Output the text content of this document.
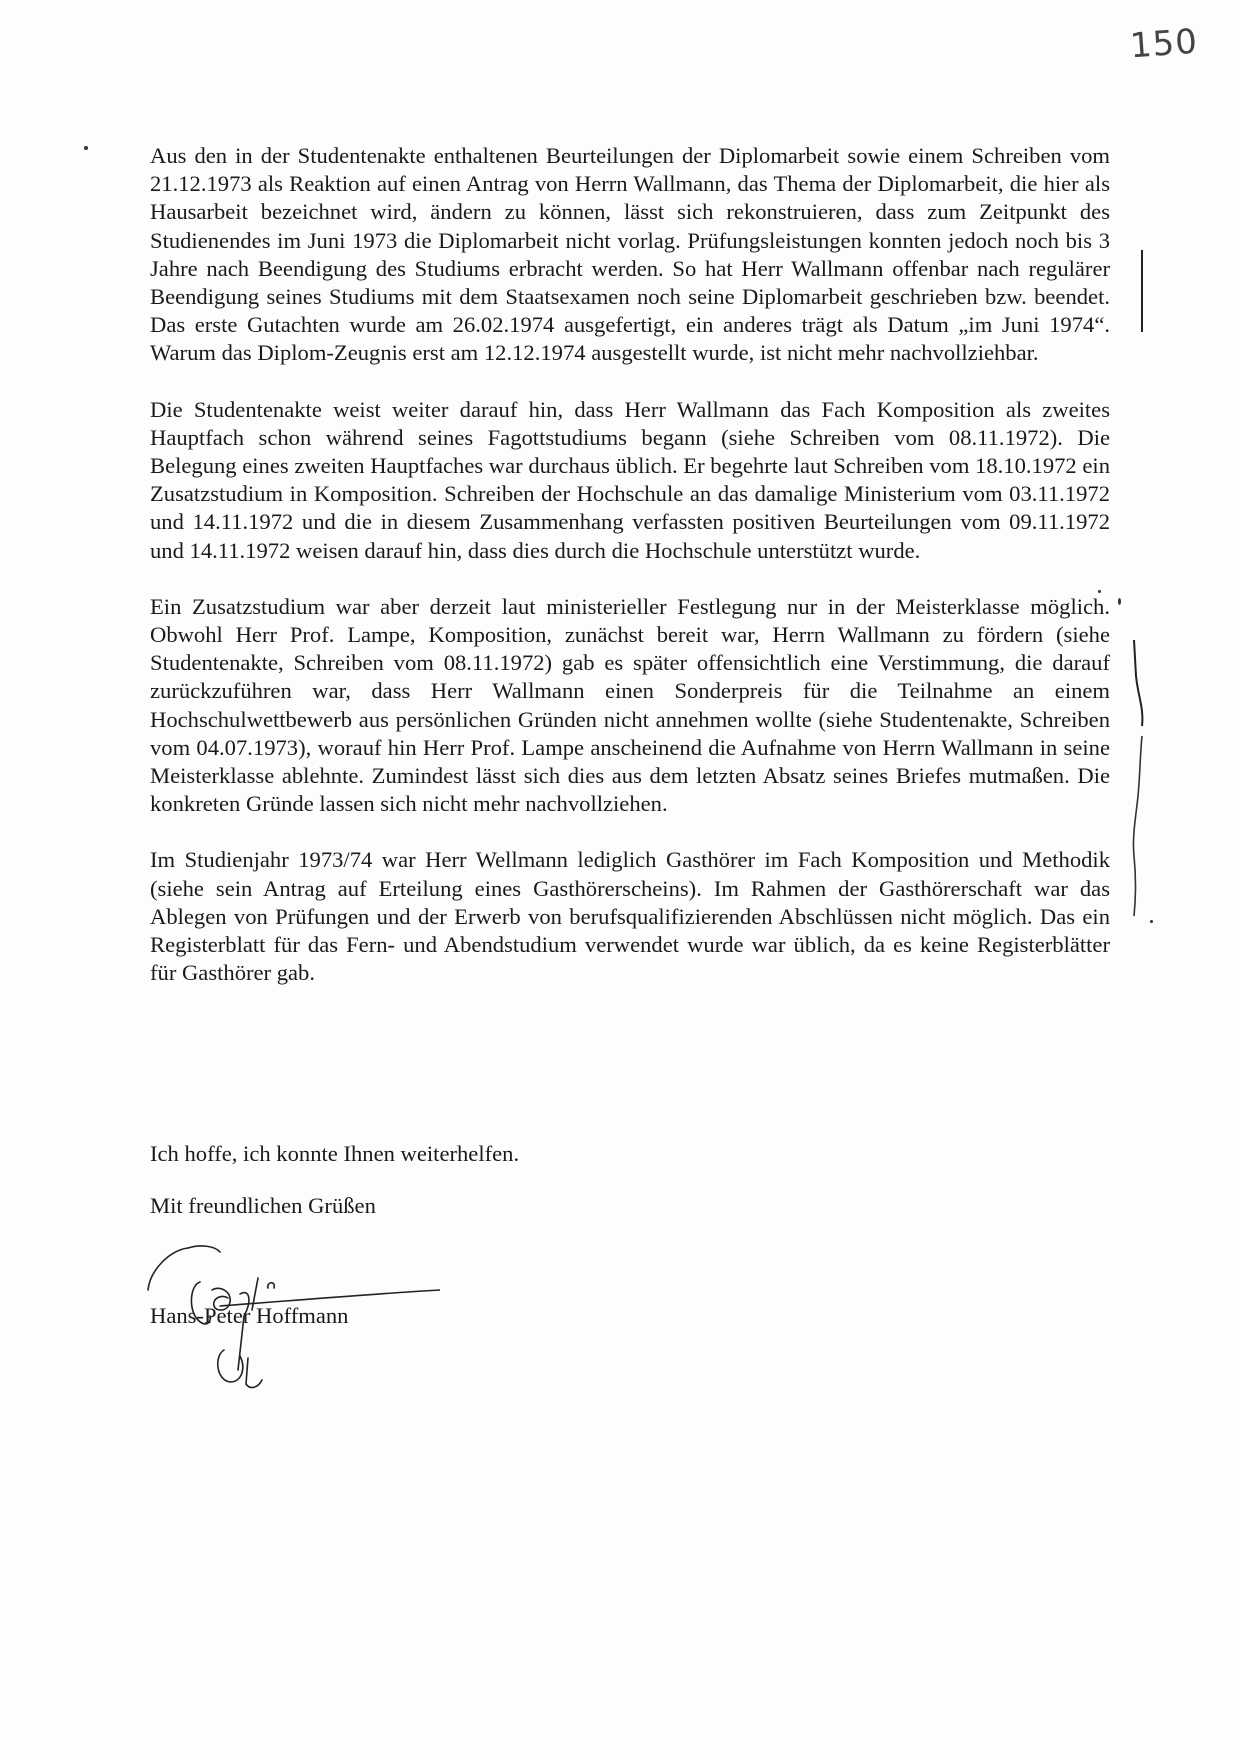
150

Aus den in der Studentenakte enthaltenen Beurteilungen der Diplomarbeit sowie einem Schreiben vom 21.12.1973 als Reaktion auf einen Antrag von Herrn Wallmann, das Thema der Diplomarbeit, die hier als Hausarbeit bezeichnet wird, ändern zu können, lässt sich rekonstruieren, dass zum Zeitpunkt des Studienendes im Juni 1973 die Diplomarbeit nicht vorlag. Prüfungsleistungen konnten jedoch noch bis 3 Jahre nach Beendigung des Studiums erbracht werden. So hat Herr Wallmann offenbar nach regulärer Beendigung seines Studiums mit dem Staatsexamen noch seine Diplomarbeit geschrieben bzw. beendet. Das erste Gutachten wurde am 26.02.1974 ausgefertigt, ein anderes trägt als Datum „im Juni 1974“. Warum das Diplom-Zeugnis erst am 12.12.1974 ausgestellt wurde, ist nicht mehr nachvollziehbar.

Die Studentenakte weist weiter darauf hin, dass Herr Wallmann das Fach Komposition als zweites Hauptfach schon während seines Fagottstudiums begann (siehe Schreiben vom 08.11.1972). Die Belegung eines zweiten Hauptfaches war durchaus üblich. Er begehrte laut Schreiben vom 18.10.1972 ein Zusatzstudium in Komposition. Schreiben der Hochschule an das damalige Ministerium vom 03.11.1972 und 14.11.1972 und die in diesem Zusammenhang verfassten positiven Beurteilungen vom 09.11.1972 und 14.11.1972 weisen darauf hin, dass dies durch die Hochschule unterstützt wurde.

Ein Zusatzstudium war aber derzeit laut ministerieller Festlegung nur in der Meisterklasse möglich. Obwohl Herr Prof. Lampe, Komposition, zunächst bereit war, Herrn Wallmann zu fördern (siehe Studentenakte, Schreiben vom 08.11.1972) gab es später offensichtlich eine Verstimmung, die darauf zurückzuführen war, dass Herr Wallmann einen Sonderpreis für die Teilnahme an einem Hochschulwettbewerb aus persönlichen Gründen nicht annehmen wollte (siehe Studentenakte, Schreiben vom 04.07.1973), worauf hin Herr Prof. Lampe anscheinend die Aufnahme von Herrn Wallmann in seine Meisterklasse ablehnte. Zumindest lässt sich dies aus dem letzten Absatz seines Briefes mutmaßen. Die konkreten Gründe lassen sich nicht mehr nachvollziehen.

Im Studienjahr 1973/74 war Herr Wellmann lediglich Gasthörer im Fach Komposition und Methodik (siehe sein Antrag auf Erteilung eines Gasthörerscheins). Im Rahmen der Gasthörerschaft war das Ablegen von Prüfungen und der Erwerb von berufsqualifizierenden Abschlüssen nicht möglich. Das ein Registerblatt für das Fern- und Abendstudium verwendet wurde war üblich, da es keine Registerblätter für Gasthörer gab.

Ich hoffe, ich konnte Ihnen weiterhelfen.
Mit freundlichen Grüßen
Hans-Peter Hoffmann
